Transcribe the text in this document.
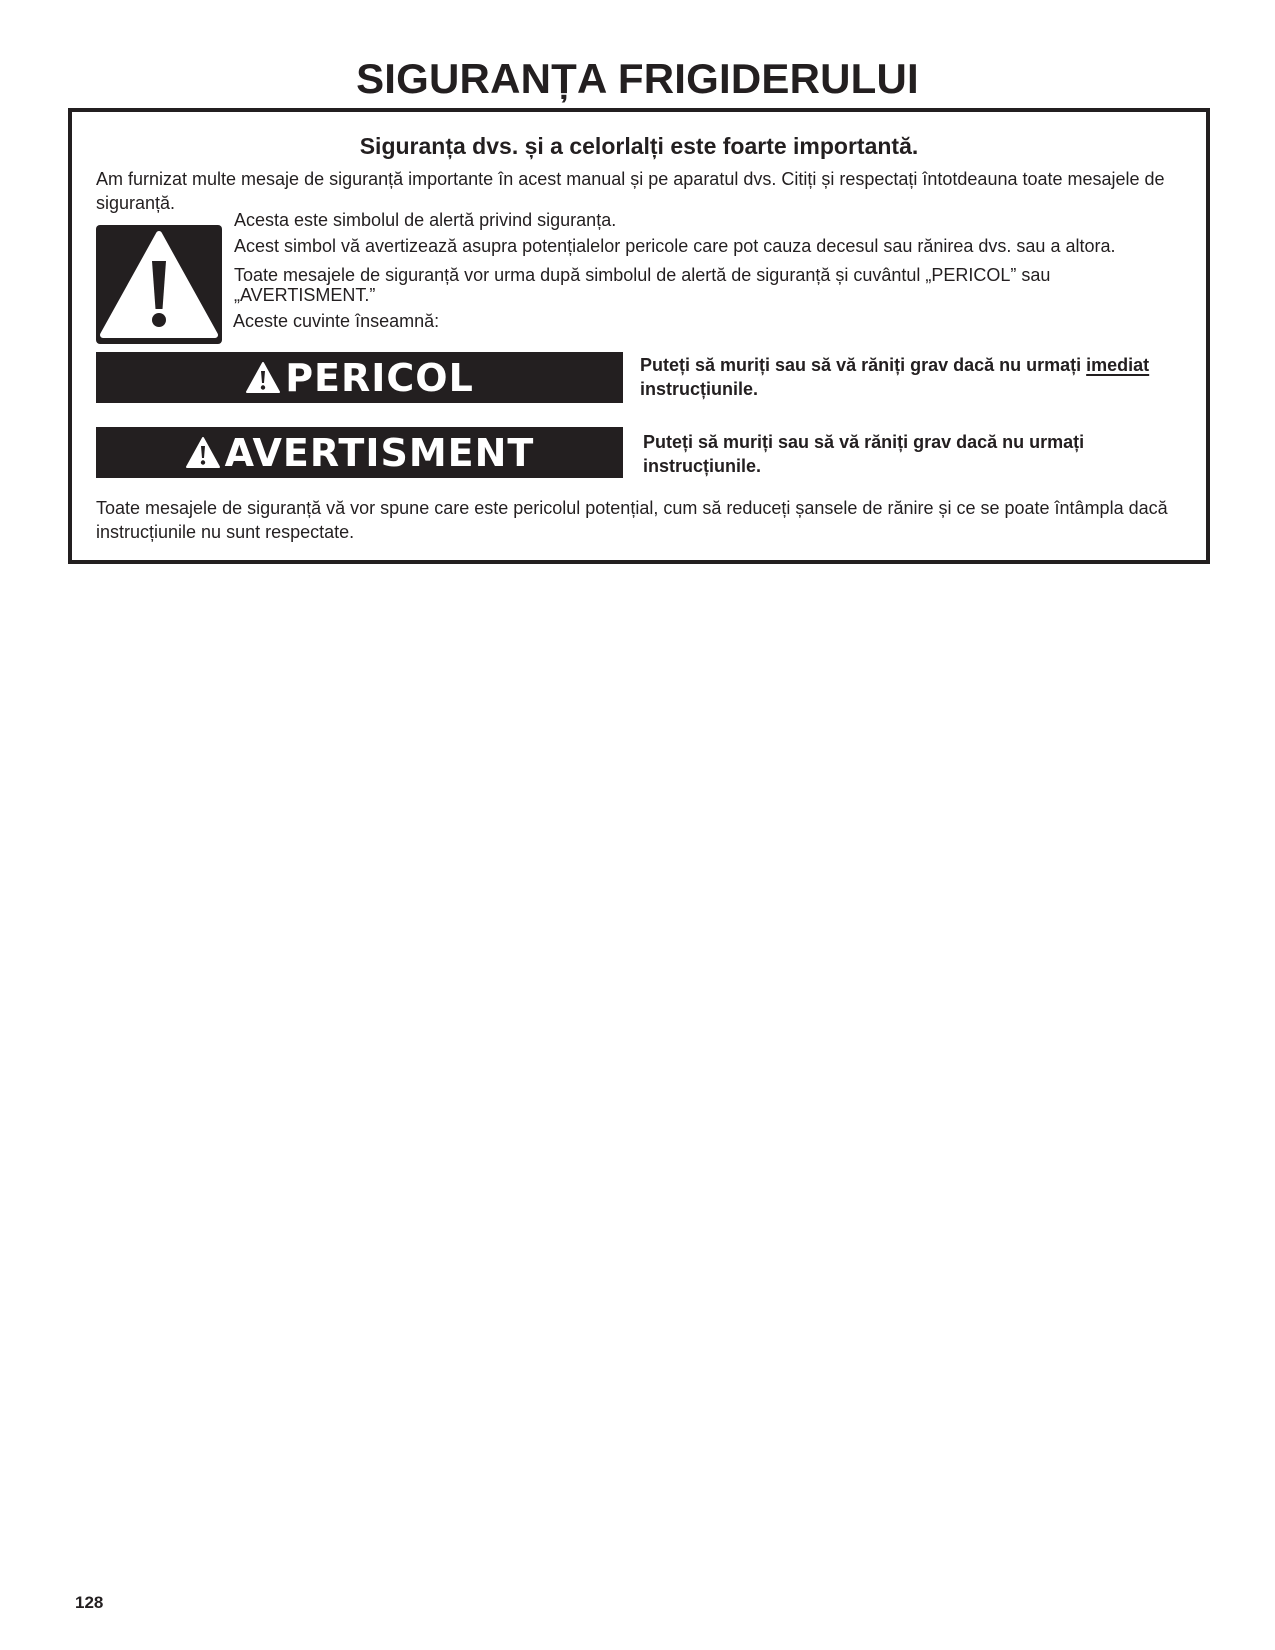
SIGURANȚA FRIGIDERULUI
Siguranța dvs. și a celorlalți este foarte importantă.
Am furnizat multe mesaje de siguranță importante în acest manual și pe aparatul dvs. Citiți și respectați întotdeauna toate mesajele de siguranță.
Acesta este simbolul de alertă privind siguranța.
Acest simbol vă avertizează asupra potențialelor pericole care pot cauza decesul sau rănirea dvs. sau a altora.
Toate mesajele de siguranță vor urma după simbolul de alertă de siguranță și cuvântul „PERICOL” sau „AVERTISMENT.”
Aceste cuvinte înseamnă:
PERICOL	Puteți să muriți sau să vă răniți grav dacă nu urmați imediat instrucțiunile.
AVERTISMENT	Puteți să muriți sau să vă răniți grav dacă nu urmați instrucțiunile.
Toate mesajele de siguranță vă vor spune care este pericolul potențial, cum să reduceți șansele de rănire și ce se poate întâmpla dacă instrucțiunile nu sunt respectate.
128
